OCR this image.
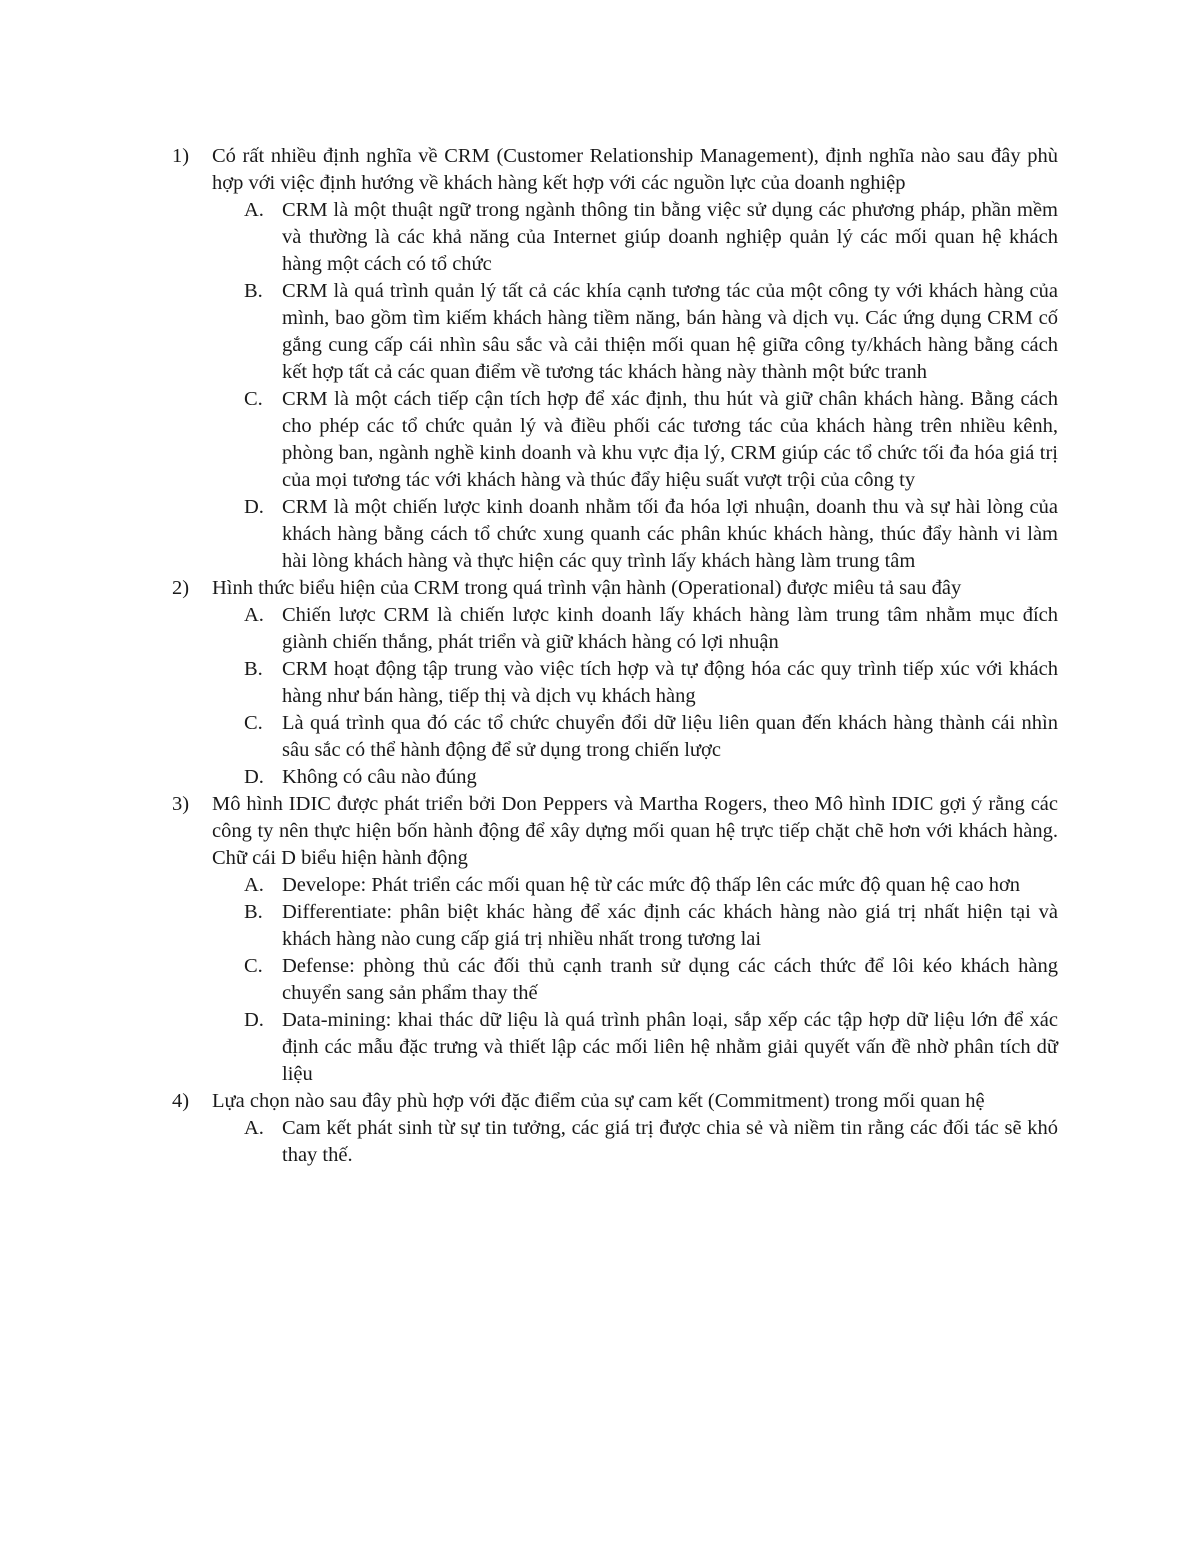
1) Có rất nhiều định nghĩa về CRM (Customer Relationship Management), định nghĩa nào sau đây phù hợp với việc định hướng về khách hàng kết hợp với các nguồn lực của doanh nghiệp
A. CRM là một thuật ngữ trong ngành thông tin bằng việc sử dụng các phương pháp, phần mềm và thường là các khả năng của Internet giúp doanh nghiệp quản lý các mối quan hệ khách hàng một cách có tổ chức
B. CRM là quá trình quản lý tất cả các khía cạnh tương tác của một công ty với khách hàng của mình, bao gồm tìm kiếm khách hàng tiềm năng, bán hàng và dịch vụ. Các ứng dụng CRM cố gắng cung cấp cái nhìn sâu sắc và cải thiện mối quan hệ giữa công ty/khách hàng bằng cách kết hợp tất cả các quan điểm về tương tác khách hàng này thành một bức tranh
C. CRM là một cách tiếp cận tích hợp để xác định, thu hút và giữ chân khách hàng. Bằng cách cho phép các tổ chức quản lý và điều phối các tương tác của khách hàng trên nhiều kênh, phòng ban, ngành nghề kinh doanh và khu vực địa lý, CRM giúp các tổ chức tối đa hóa giá trị của mọi tương tác với khách hàng và thúc đẩy hiệu suất vượt trội của công ty
D. CRM là một chiến lược kinh doanh nhằm tối đa hóa lợi nhuận, doanh thu và sự hài lòng của khách hàng bằng cách tổ chức xung quanh các phân khúc khách hàng, thúc đẩy hành vi làm hài lòng khách hàng và thực hiện các quy trình lấy khách hàng làm trung tâm
2) Hình thức biểu hiện của CRM trong quá trình vận hành (Operational) được miêu tả sau đây
A. Chiến lược CRM là chiến lược kinh doanh lấy khách hàng làm trung tâm nhằm mục đích giành chiến thắng, phát triển và giữ khách hàng có lợi nhuận
B. CRM hoạt động tập trung vào việc tích hợp và tự động hóa các quy trình tiếp xúc với khách hàng như bán hàng, tiếp thị và dịch vụ khách hàng
C. Là quá trình qua đó các tổ chức chuyển đổi dữ liệu liên quan đến khách hàng thành cái nhìn sâu sắc có thể hành động để sử dụng trong chiến lược
D. Không có câu nào đúng
3) Mô hình IDIC được phát triển bởi Don Peppers và Martha Rogers, theo Mô hình IDIC gợi ý rằng các công ty nên thực hiện bốn hành động để xây dựng mối quan hệ trực tiếp chặt chẽ hơn với khách hàng. Chữ cái D biểu hiện hành động
A. Develope: Phát triển các mối quan hệ từ các mức độ thấp lên các mức độ quan hệ cao hơn
B. Differentiate: phân biệt khác hàng để xác định các khách hàng nào giá trị nhất hiện tại và khách hàng nào cung cấp giá trị nhiều nhất trong tương lai
C. Defense: phòng thủ các đối thủ cạnh tranh sử dụng các cách thức để lôi kéo khách hàng chuyển sang sản phẩm thay thế
D. Data-mining: khai thác dữ liệu là quá trình phân loại, sắp xếp các tập hợp dữ liệu lớn để xác định các mẫu đặc trưng và thiết lập các mối liên hệ nhằm giải quyết vấn đề nhờ phân tích dữ liệu
4) Lựa chọn nào sau đây phù hợp với đặc điểm của sự cam kết (Commitment) trong mối quan hệ
A. Cam kết phát sinh từ sự tin tưởng, các giá trị được chia sẻ và niềm tin rằng các đối tác sẽ khó thay thế.
